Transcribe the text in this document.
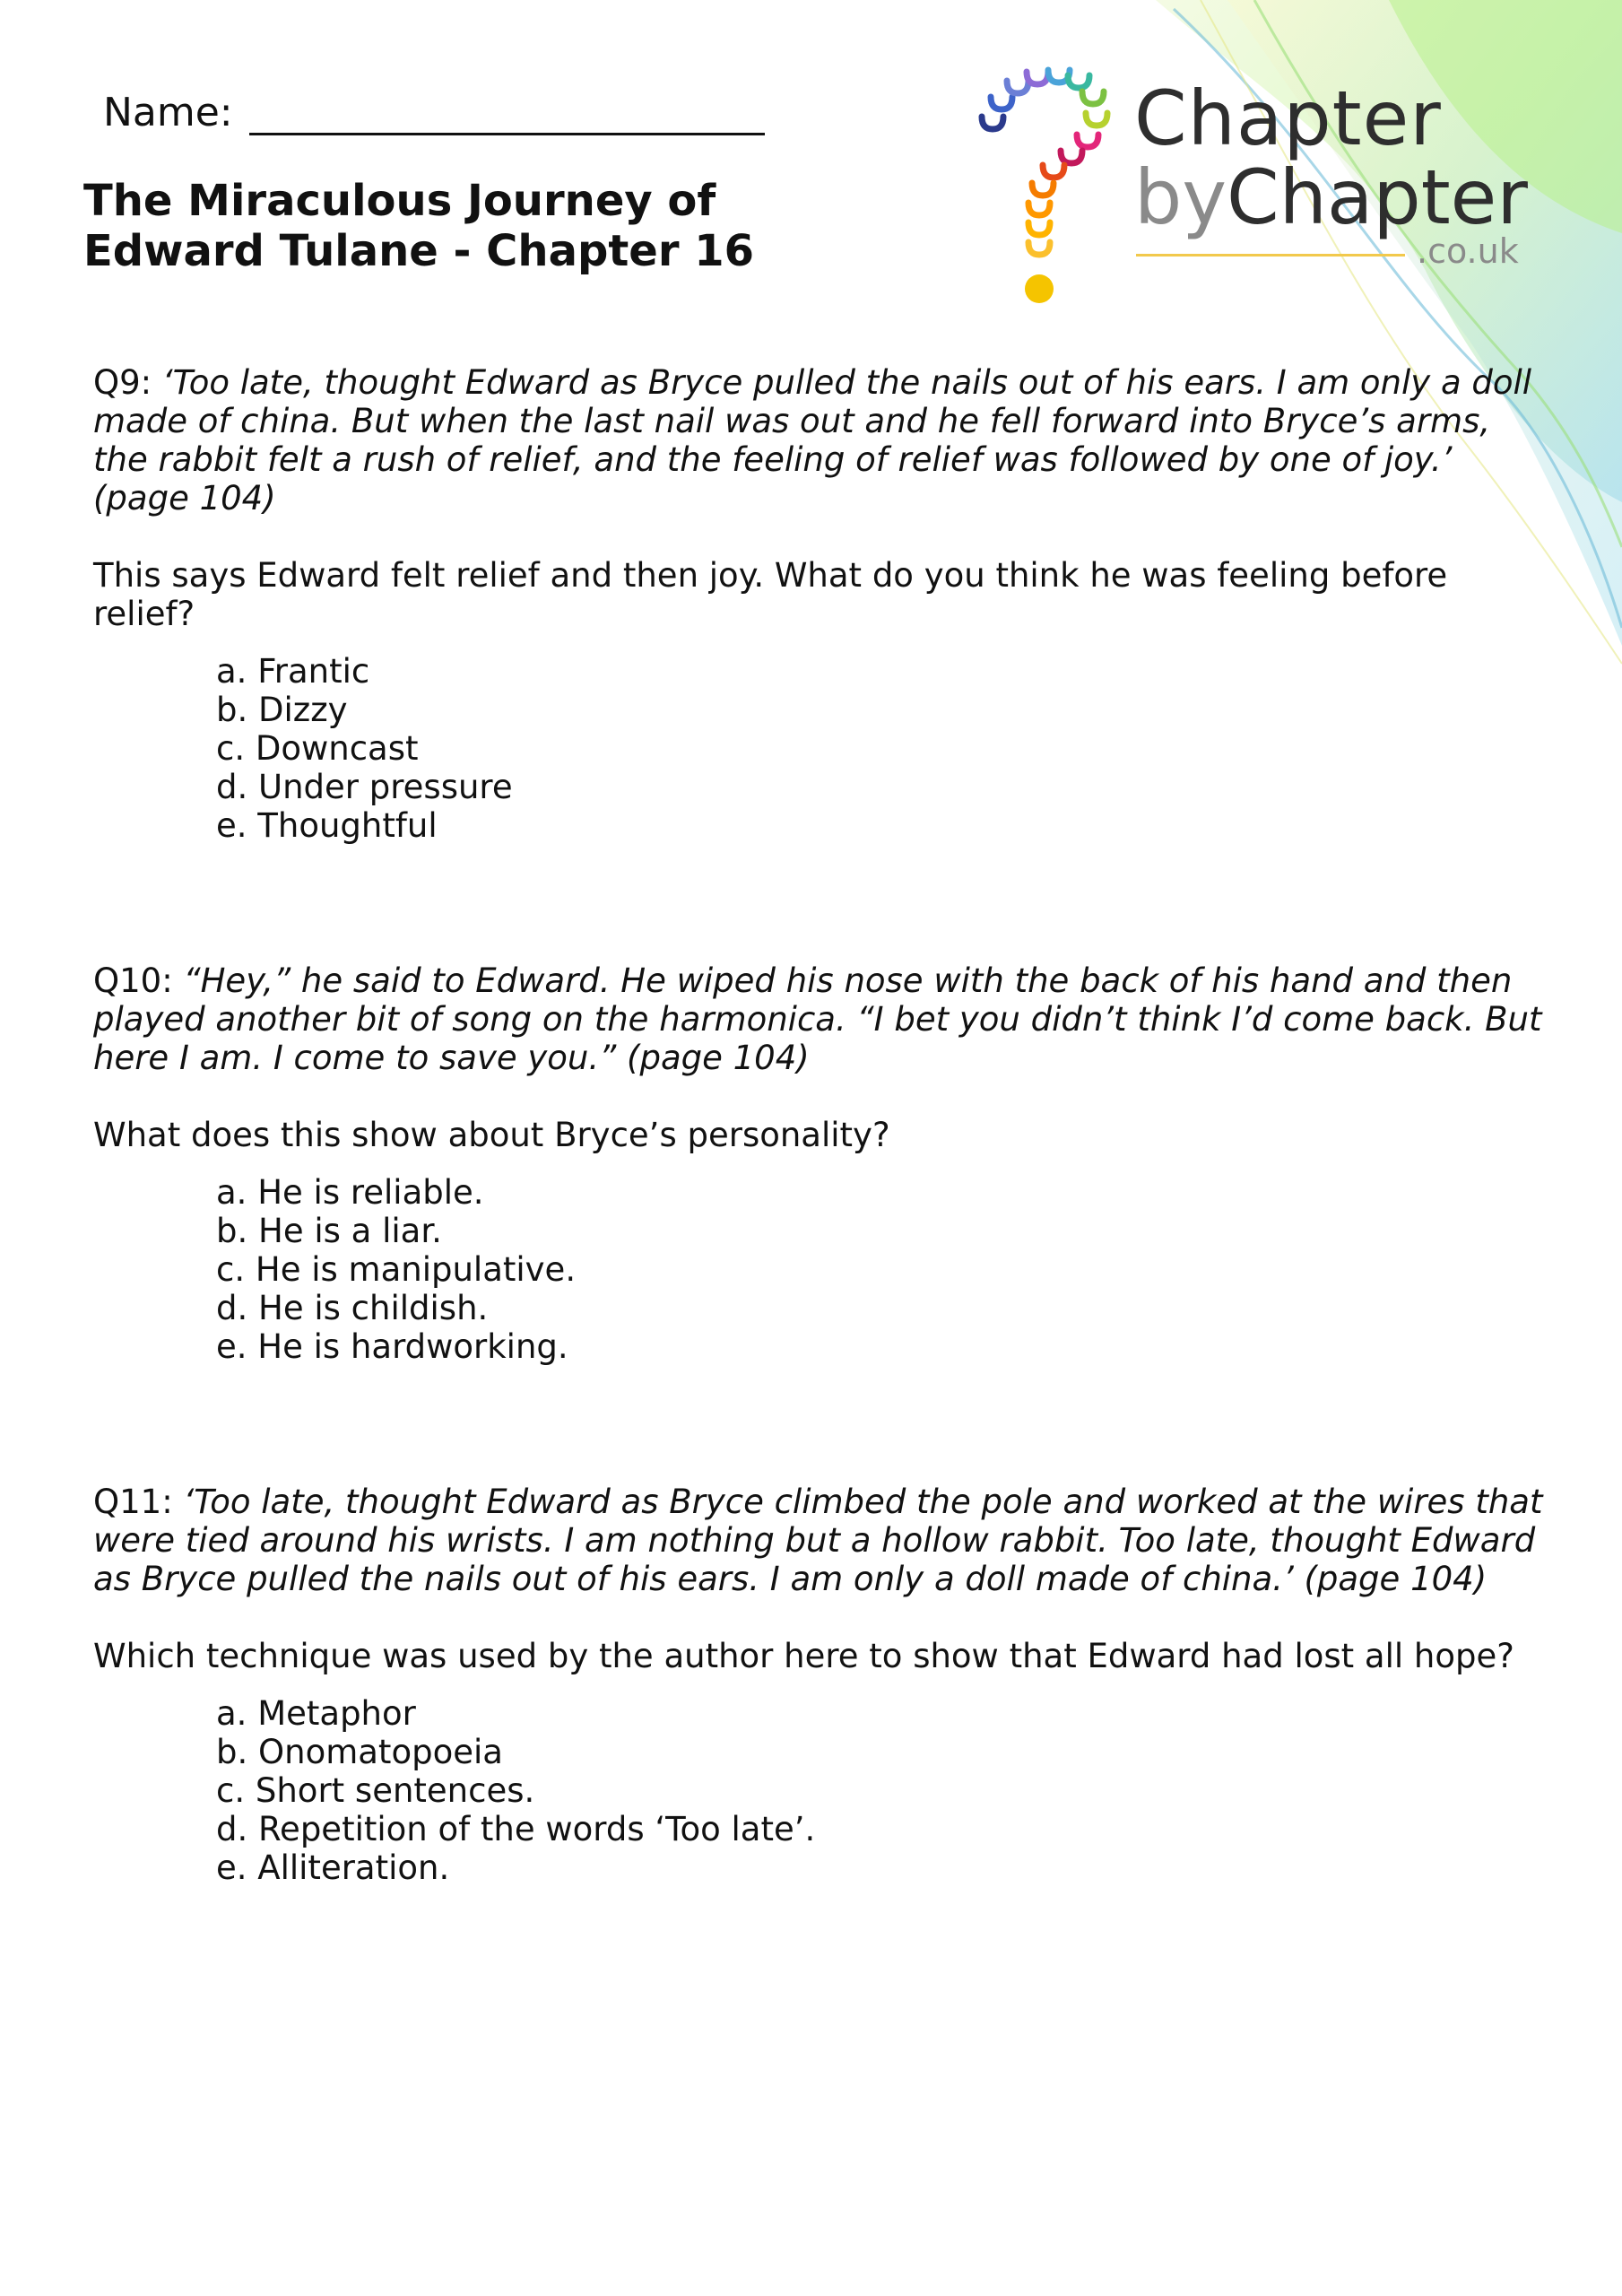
Name:
The Miraculous Journey of
Edward Tulane - Chapter 16
Chapter
byChapter
.co.uk

Q9: ‘Too late, thought Edward as Bryce pulled the nails out of his ears. I am only a doll made of china. But when the last nail was out and he fell forward into Bryce’s arms, the rabbit felt a rush of relief, and the feeling of relief was followed by one of joy.’ (page 104)

This says Edward felt relief and then joy. What do you think he was feeling before relief?

a. Frantic
b. Dizzy
c. Downcast
d. Under pressure
e. Thoughtful

Q10: “Hey,” he said to Edward. He wiped his nose with the back of his hand and then played another bit of song on the harmonica. “I bet you didn’t think I’d come back. But here I am. I come to save you.” (page 104)

What does this show about Bryce’s personality?

a. He is reliable.
b. He is a liar.
c. He is manipulative.
d. He is childish.
e. He is hardworking.

Q11: ‘Too late, thought Edward as Bryce climbed the pole and worked at the wires that were tied around his wrists. I am nothing but a hollow rabbit. Too late, thought Edward as Bryce pulled the nails out of his ears. I am only a doll made of china.’ (page 104)

Which technique was used by the author here to show that Edward had lost all hope?

a. Metaphor
b. Onomatopoeia
c. Short sentences.
d. Repetition of the words ‘Too late’.
e. Alliteration.
